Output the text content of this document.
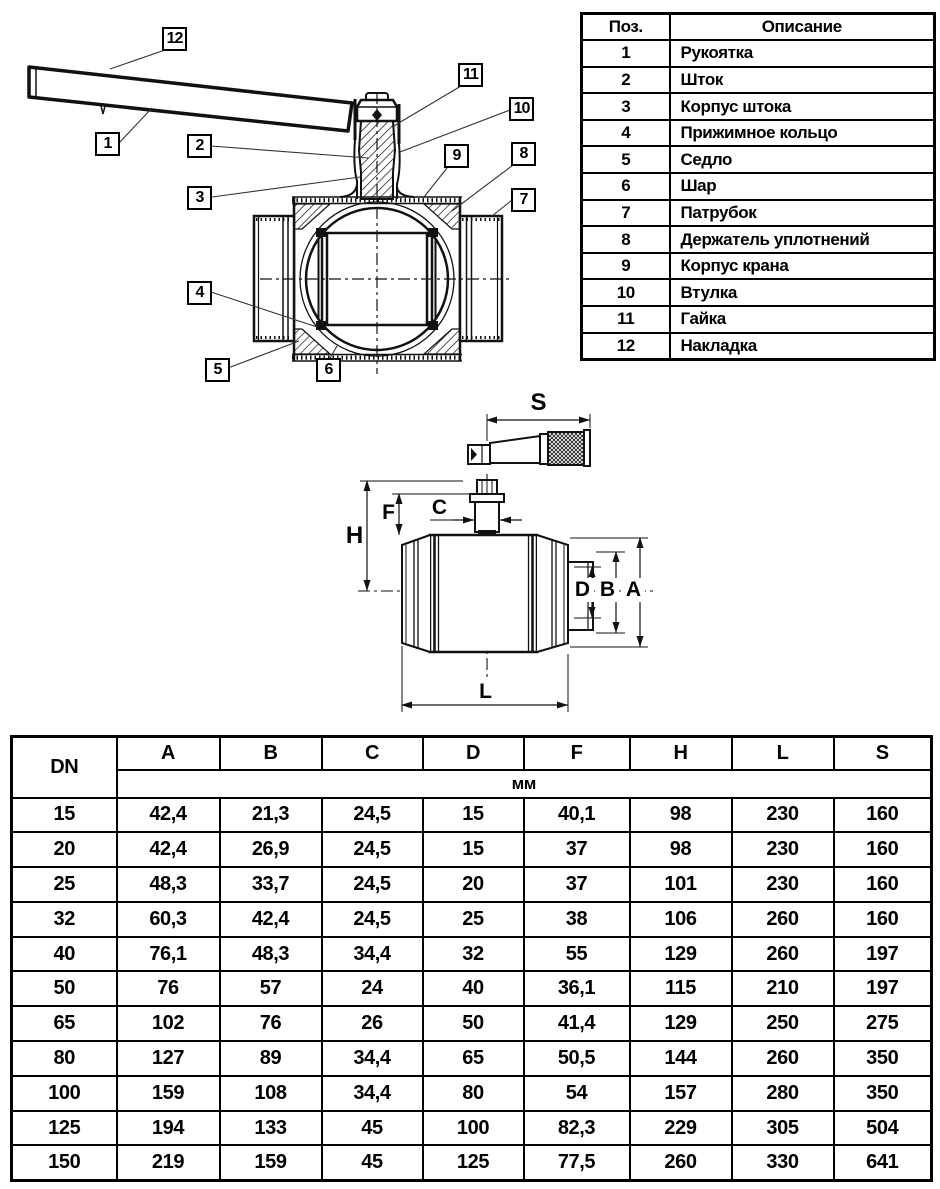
1	2
3
4
5	6
7
8
9
10
11
12
Поз.	Описание
1	Рукоятка
2	Шток
3	Корпус штока
4	Прижимное кольцо
5	Седло
6	Шар
7	Патрубок
8	Держатель уплотнений
9	Корпус крана
10	Втулка
11	Гайка
12	Накладка
S
H
F C
D B A
L
DN	A	B	C	D	F	H	L	S
	мм							
15	42,4	21,3	24,5	15	40,1	98	230	160
20	42,4	26,9	24,5	15	37	98	230	160
25	48,3	33,7	24,5	20	37	101	230	160
32	60,3	42,4	24,5	25	38	106	260	160
40	76,1	48,3	34,4	32	55	129	260	197
50	76	57	24	40	36,1	115	210	197
65	102	76	26	50	41,4	129	250	275
80	127	89	34,4	65	50,5	144	260	350
100	159	108	34,4	80	54	157	280	350
125	194	133	45	100	82,3	229	305	504
150	219	159	45	125	77,5	260	330	641
